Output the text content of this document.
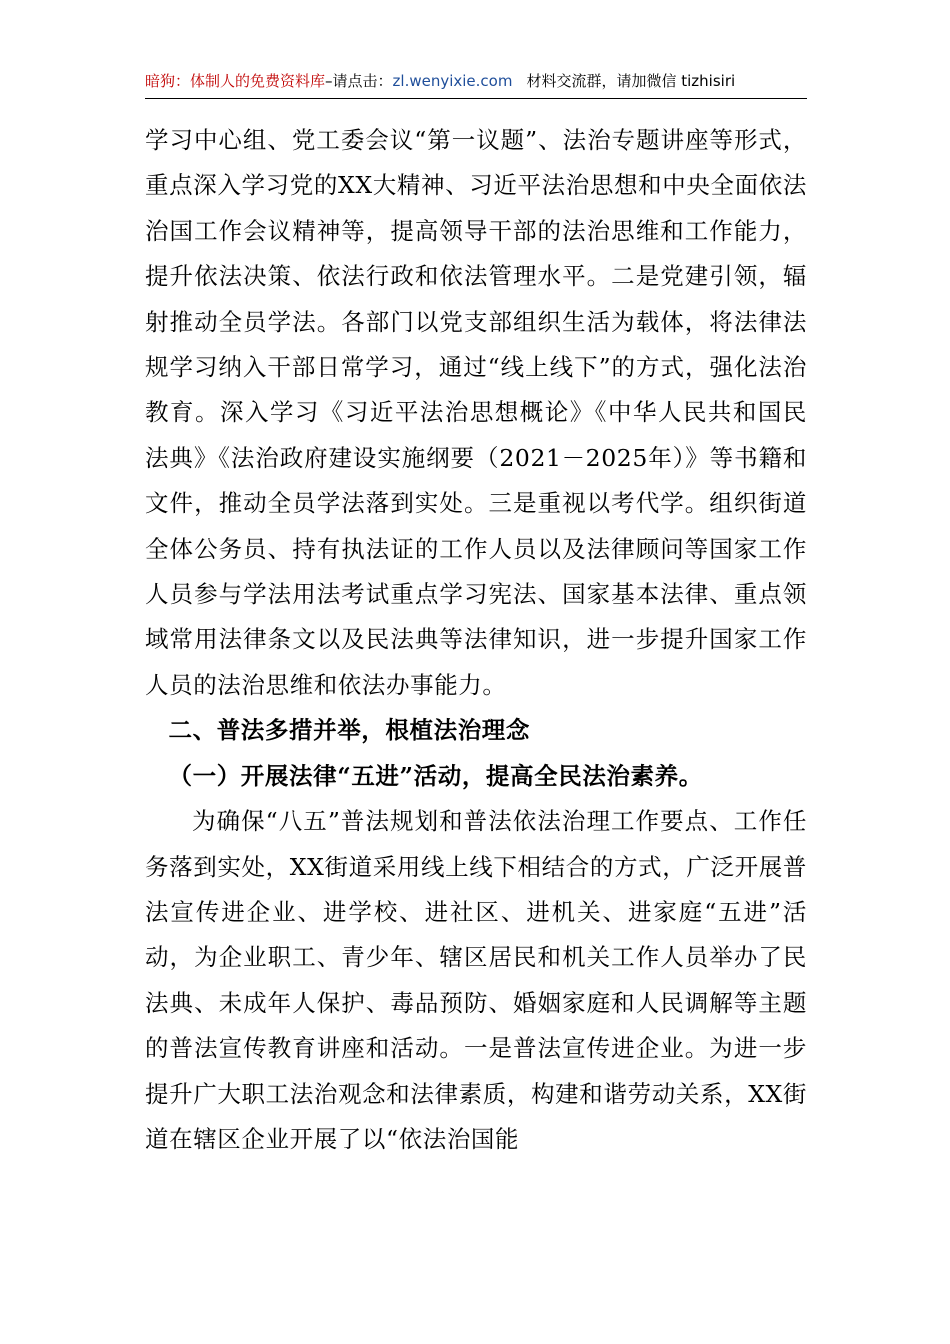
暗狗：体制人的免费资料库–请点击：zl.wenyixie.com 材料交流群，请加微信 tizhisiri

学习中心组、党工委会议“第一议题”、法治专题讲座等形式，重点深入学习党的XX大精神、习近平法治思想和中央全面依法治国工作会议精神等，提高领导干部的法治思维和工作能力，提升依法决策、依法行政和依法管理水平。二是党建引领，辐射推动全员学法。各部门以党支部组织生活为载体，将法律法规学习纳入干部日常学习，通过“线上线下”的方式，强化法治教育。深入学习《习近平法治思想概论》《中华人民共和国民法典》《法治政府建设实施纲要（2021－2025年）》等书籍和文件，推动全员学法落到实处。三是重视以考代学。组织街道全体公务员、持有执法证的工作人员以及法律顾问等国家工作人员参与学法用法考试重点学习宪法、国家基本法律、重点领域常用法律条文以及民法典等法律知识，进一步提升国家工作人员的法治思维和依法办事能力。

二、普法多措并举，根植法治理念

（一）开展法律“五进”活动，提高全民法治素养。

为确保“八五”普法规划和普法依法治理工作要点、工作任务落到实处，XX街道采用线上线下相结合的方式，广泛开展普法宣传进企业、进学校、进社区、进机关、进家庭“五进”活动，为企业职工、青少年、辖区居民和机关工作人员举办了民法典、未成年人保护、毒品预防、婚姻家庭和人民调解等主题的普法宣传教育讲座和活动。一是普法宣传进企业。为进一步提升广大职工法治观念和法律素质，构建和谐劳动关系，XX街道在辖区企业开展了以“依法治国能
